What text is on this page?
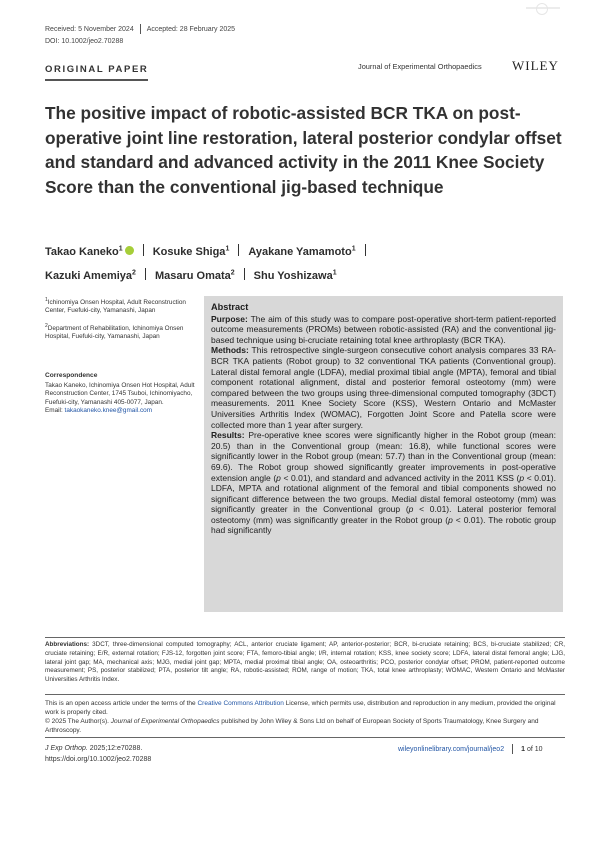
Received: 5 November 2024 Accepted: 28 February 2025
DOI: 10.1002/jeo2.70288
ORIGINAL PAPER	Journal of Experimental Orthopaedics WILEY
The positive impact of robotic-assisted BCR TKA on post-operative joint line restoration, lateral posterior condylar offset and standard and advanced activity in the 2011 Knee Society Score than the conventional jig-based technique
Takao Kaneko$^1$	Kosuke Shiga$^1$ Ayakane Yamamoto$^1$
Kazuki Amemiya$^2$ Masaru Omata$^2$ Shu Yoshizawa$^1$

$^1$Ichinomiya Onsen Hospital, Adult Reconstruction Center, Fuefuki-city, Yamanashi, Japan

$^2$Department of Rehabilitation, Ichinomiya Onsen Hospital, Fuefuki-city, Yamanashi, Japan

Correspondence
Takao Kaneko, Ichinomiya Onsen Hot Hospital, Adult Reconstruction Center, 1745 Tsuboi, Ichinomiyacho, Fuefuki-city, Yamanashi 405-0077, Japan.
Email: takaokaneko.knee@gmail.com
Abstract

Purpose: The aim of this study was to compare post-operative short-term patient-reported outcome measurements (PROMs) between robotic-assisted (RA) and the conventional jig-based technique using bi-cruciate retaining total knee arthroplasty (BCR TKA).

Methods: This retrospective single-surgeon consecutive cohort analysis compares 33 RA-BCR TKA patients (Robot group) to 32 conventional TKA patients (Conventional group). Lateral distal femoral angle (LDFA), medial proximal tibial angle (MPTA), femoral and tibial component rotational alignment, distal and posterior femoral osteotomy (mm) were compared between the two groups using three-dimensional computed tomography (3DCT) measurements. 2011 Knee Society Score (KSS), Western Ontario and McMaster Universities Arthritis Index (WOMAC), Forgotten Joint Score and Patella score were collected more than 1 year after surgery.

Results: Pre-operative knee scores were significantly higher in the Robot group (mean: 20.5) than in the Conventional group (mean: 16.8), while functional scores were significantly lower in the Robot group (mean: 57.7) than in the Conventional group (mean: 69.6). The Robot group showed significantly greater improvements in post-operative extension angle (p < 0.01), and standard and advanced activity in the 2011 KSS (p < 0.01). LDFA, MPTA and rotational alignment of the femoral and tibial components showed no significant difference between the two groups. Medial distal femoral osteotomy (mm) was significantly greater in the Conventional group (p < 0.01). Lateral posterior femoral osteotomy (mm) was significantly greater in the Robot group (p < 0.01). The robotic group had significantly

Abbreviations: 3DCT, three-dimensional computed tomography; ACL, anterior cruciate ligament; AP, anterior-posterior; BCR, bi-cruciate retaining; BCS, bi-cruciate stabilized; CR, cruciate retaining; E/R, external rotation; FJS-12, forgotten joint score; FTA, femoro-tibial angle; I/R, internal rotation; KSS, knee society score; LDFA, lateral distal femoral angle; LJG, lateral joint gap; MA, mechanical axis; MJG, medial joint gap; MPTA, medial proximal tibial angle; OA, osteoarthritis; PCO, posterior condylar offset; PROM, patient-reported outcome measurement; PS, posterior stabilized; PTA, posterior tilt angle; RA, robotic-assisted; ROM, range of motion; TKA, total knee arthroplasty; WOMAC, Western Ontario and McMaster Universities Arthritis Index.

This is an open access article under the terms of the Creative Commons Attribution License, which permits use, distribution and reproduction in any medium, provided the original work is properly cited.

© 2025 The Author(s). Journal of Experimental Orthopaedics published by John Wiley & Sons Ltd on behalf of European Society of Sports Traumatology, Knee Surgery and Arthroscopy.

J Exp Orthop. 2025;12:e70288.
https://doi.org/10.1002/jeo2.70288
wileyonlinelibrary.com/journal/jeo2 1 of 10
